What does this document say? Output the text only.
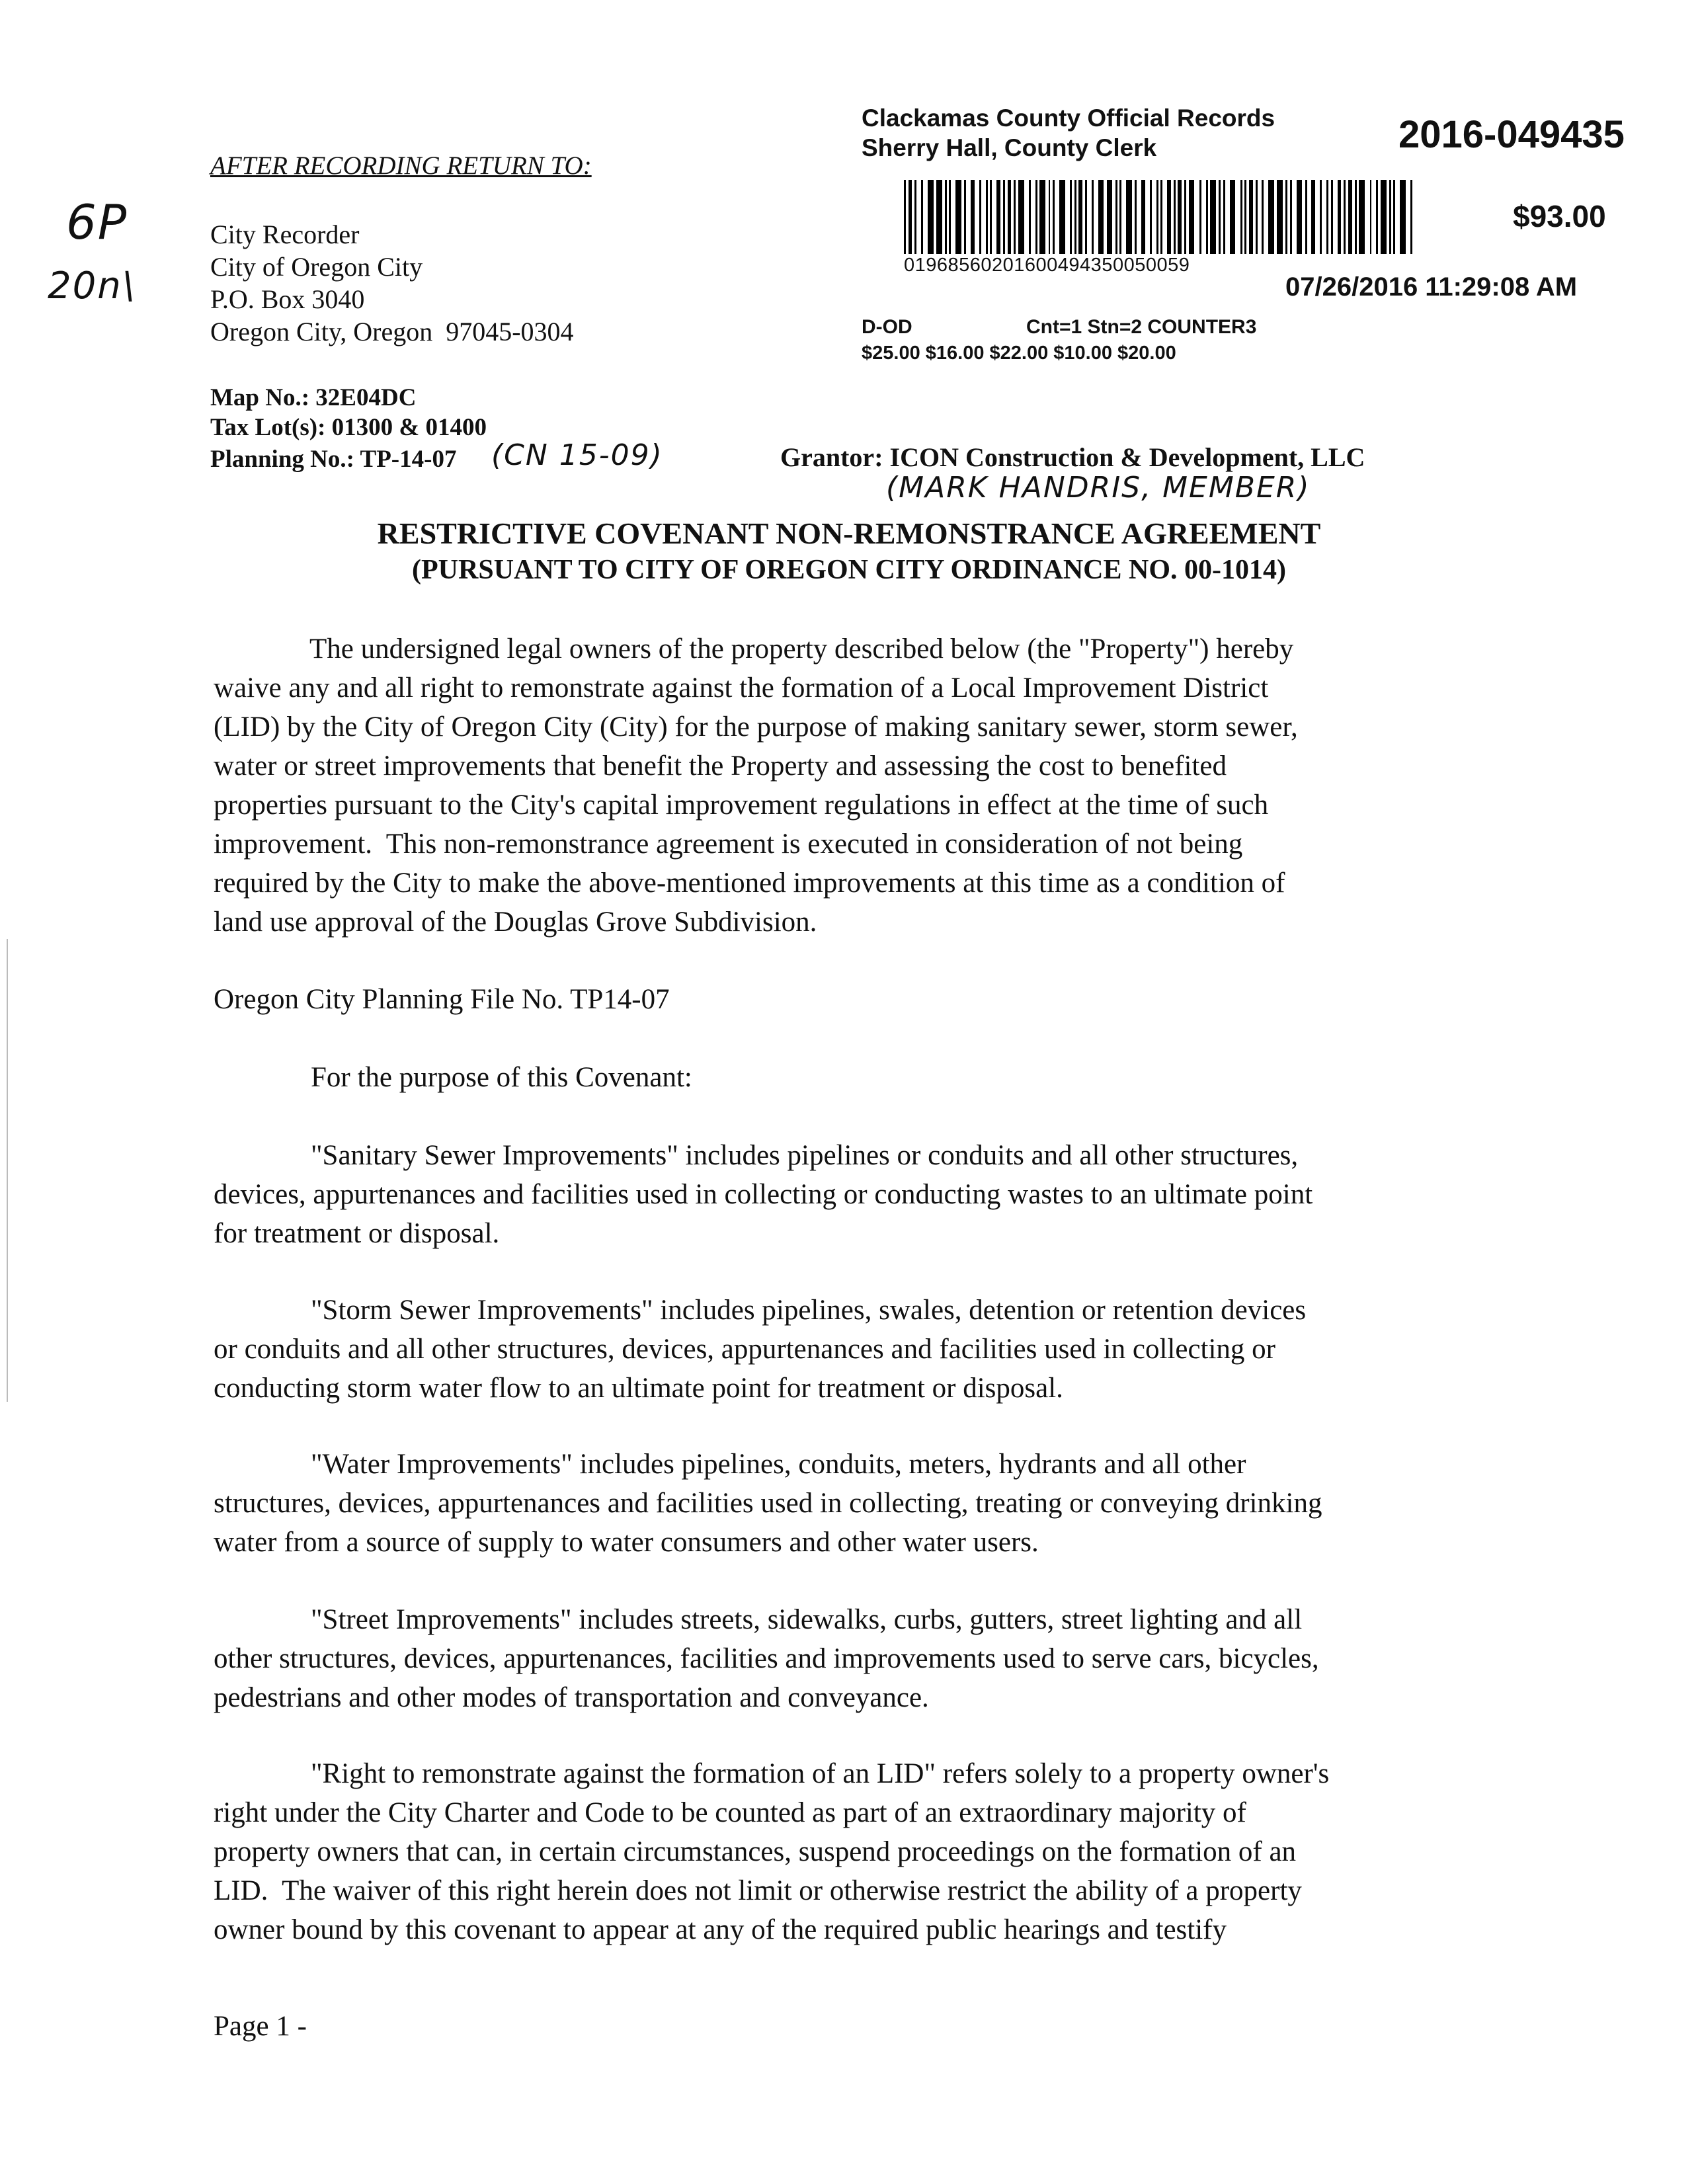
6P
20n\
Clackamas County Official Records
Sherry Hall, County Clerk	2016-049435
$93.00
01968560201600494350050059
07/26/2016 11:29:08 AM
D-OD	Cnt=1 Stn=2 COUNTER3
$25.00 $16.00 $22.00 $10.00 $20.00
AFTER RECORDING RETURN TO:
City Recorder
City of Oregon City
P.O. Box 3040
Oregon City, Oregon  97045-0304
Map No.: 32E04DC
Tax Lot(s): 01300 & 01400
Planning No.: TP-14-07 (CN 15-09)	Grantor: ICON Construction & Development, LLC
(MARK HANDRIS, MEMBER)
RESTRICTIVE COVENANT NON-REMONSTRANCE AGREEMENT
(PURSUANT TO CITY OF OREGON CITY ORDINANCE NO. 00-1014)
The undersigned legal owners of the property described below (the "Property") hereby
waive any and all right to remonstrate against the formation of a Local Improvement District
(LID) by the City of Oregon City (City) for the purpose of making sanitary sewer, storm sewer,
water or street improvements that benefit the Property and assessing the cost to benefited
properties pursuant to the City's capital improvement regulations in effect at the time of such
improvement.  This non-remonstrance agreement is executed in consideration of not being
required by the City to make the above-mentioned improvements at this time as a condition of
land use approval of the Douglas Grove Subdivision.
Oregon City Planning File No. TP14-07
For the purpose of this Covenant:
"Sanitary Sewer Improvements" includes pipelines or conduits and all other structures,
devices, appurtenances and facilities used in collecting or conducting wastes to an ultimate point
for treatment or disposal.
"Storm Sewer Improvements" includes pipelines, swales, detention or retention devices
or conduits and all other structures, devices, appurtenances and facilities used in collecting or
conducting storm water flow to an ultimate point for treatment or disposal.
"Water Improvements" includes pipelines, conduits, meters, hydrants and all other
structures, devices, appurtenances and facilities used in collecting, treating or conveying drinking
water from a source of supply to water consumers and other water users.
"Street Improvements" includes streets, sidewalks, curbs, gutters, street lighting and all
other structures, devices, appurtenances, facilities and improvements used to serve cars, bicycles,
pedestrians and other modes of transportation and conveyance.
"Right to remonstrate against the formation of an LID" refers solely to a property owner's
right under the City Charter and Code to be counted as part of an extraordinary majority of
property owners that can, in certain circumstances, suspend proceedings on the formation of an
LID.  The waiver of this right herein does not limit or otherwise restrict the ability of a property
owner bound by this covenant to appear at any of the required public hearings and testify
Page 1 -
